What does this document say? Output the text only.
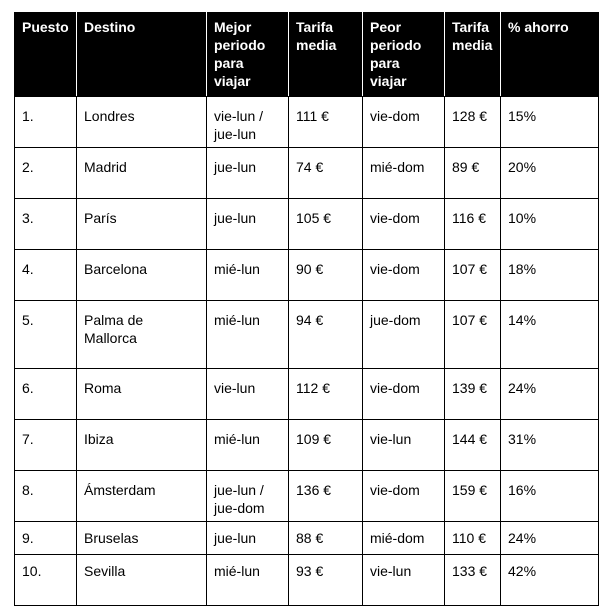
Puesto	Destino	Mejor
periodo
para
viajar	Tarifa
media	Peor
periodo
para
viajar	Tarifa
media	% ahorro
1.	Londres	vie-lun /
jue-lun	111 €	vie-dom	128 €	15%
2.	Madrid	jue-lun	74 €	mié-dom	89 €	20%
3.	París	jue-lun	105 €	vie-dom	116 €	10%
4.	Barcelona	mié-lun	90 €	vie-dom	107 €	18%
5.	Palma de
Mallorca	mié-lun	94 €	jue-dom	107 €	14%
6.	Roma	vie-lun	112 €	vie-dom	139 €	24%
7.	Ibiza	mié-lun	109 €	vie-lun	144 €	31%
8.	Ámsterdam	jue-lun /
jue-dom	136 €	vie-dom	159 €	16%
9.	Bruselas	jue-lun	88 €	mié-dom	110 €	24%
10.	Sevilla	mié-lun	93 €	vie-lun	133 €	42%
